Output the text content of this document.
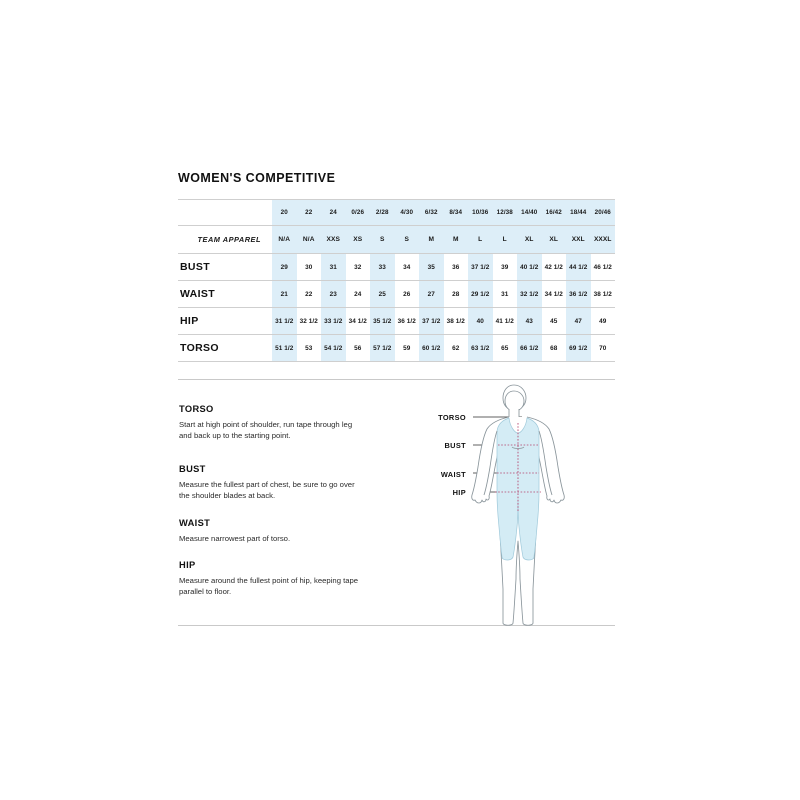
WOMEN'S COMPETITIVE
	20	22	24	0/26	2/28	4/30	6/32	8/34	10/36	12/38	14/40	16/42	18/44	20/46
TEAM APPAREL	N/A	N/A	XXS	XS	S	S	M	M	L	L	XL	XL	XXL	XXXL
BUST	29	30	31	32	33	34	35	36	37 1/2	39	40 1/2	42 1/2	44 1/2	46 1/2
WAIST	21	22	23	24	25	26	27	28	29 1/2	31	32 1/2	34 1/2	36 1/2	38 1/2
HIP	31 1/2	32 1/2	33 1/2	34 1/2	35 1/2	36 1/2	37 1/2	38 1/2	40	41 1/2	43	45	47	49
TORSO	51 1/2	53	54 1/2	56	57 1/2	59	60 1/2	62	63 1/2	65	66 1/2	68	69 1/2	70

TORSO

Start at high point of shoulder, run tape through leg and back up to the starting point.

BUST

Measure the fullest part of chest, be sure to go over the shoulder blades at back.

WAIST

Measure narrowest part of torso.

HIP

Measure around the fullest point of hip, keeping tape parallel to floor.

TORSO
BUST
WAIST
HIP
